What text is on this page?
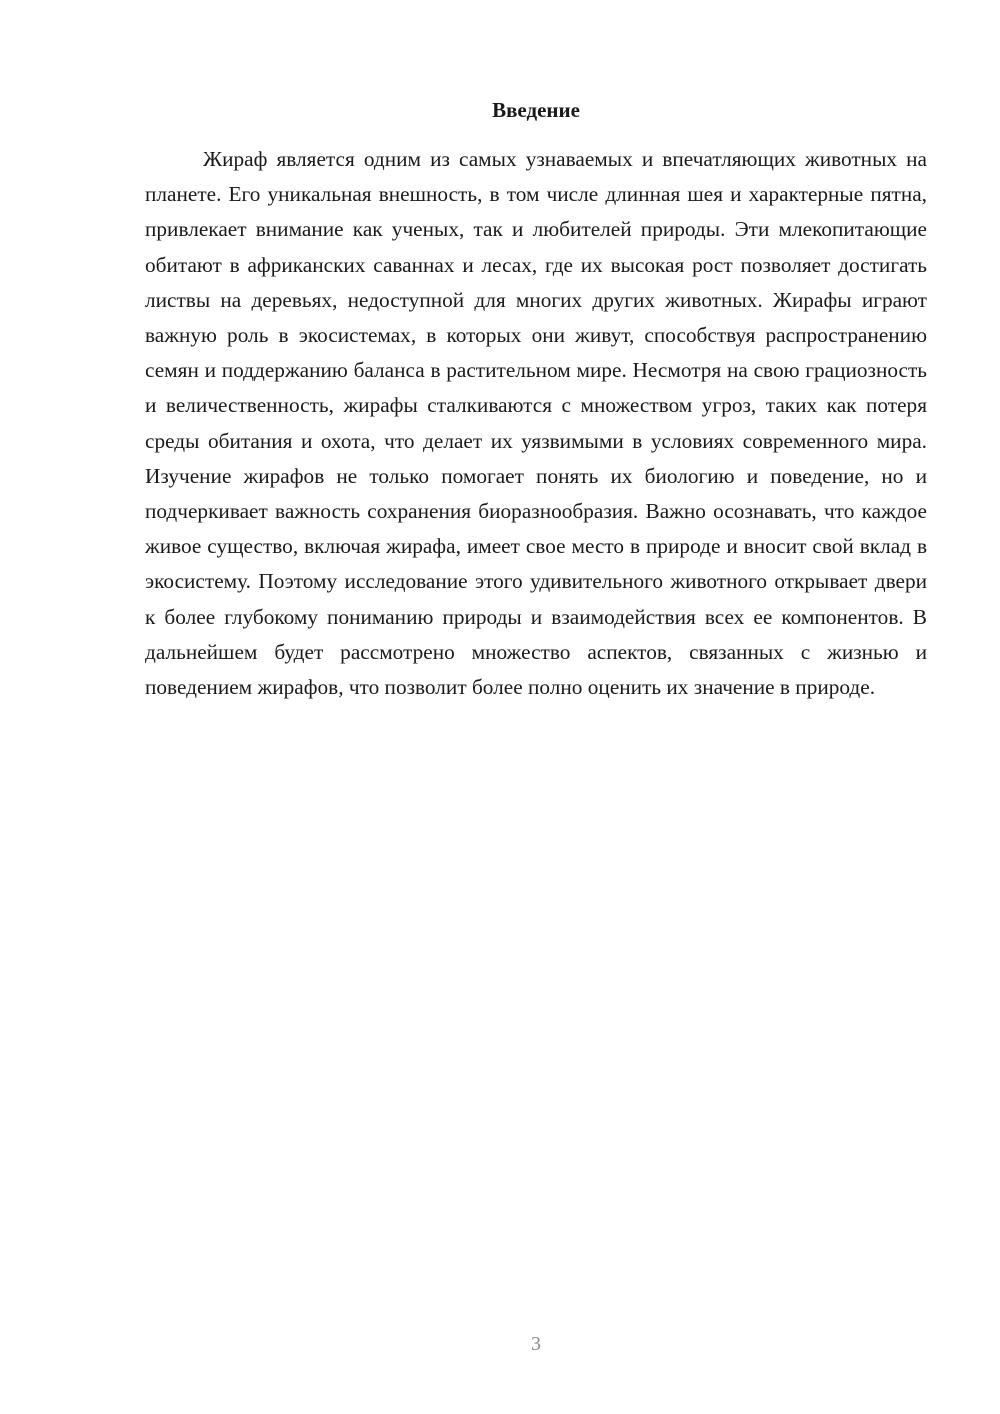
Введение

Жираф является одним из самых узнаваемых и впечатляющих животных на планете. Его уникальная внешность, в том числе длинная шея и характерные пятна, привлекает внимание как ученых, так и любителей природы. Эти млекопитающие обитают в африканских саваннах и лесах, где их высокая рост позволяет достигать листвы на деревьях, недоступной для многих других животных. Жирафы играют важную роль в экосистемах, в которых они живут, способствуя распространению семян и поддержанию баланса в растительном мире. Несмотря на свою грациозность и величественность, жирафы сталкиваются с множеством угроз, таких как потеря среды обитания и охота, что делает их уязвимыми в условиях современного мира. Изучение жирафов не только помогает понять их биологию и поведение, но и подчеркивает важность сохранения биоразнообразия. Важно осознавать, что каждое живое существо, включая жирафа, имеет свое место в природе и вносит свой вклад в экосистему. Поэтому исследование этого удивительного животного открывает двери к более глубокому пониманию природы и взаимодействия всех ее компонентов. В дальнейшем будет рассмотрено множество аспектов, связанных с жизнью и поведением жирафов, что позволит более полно оценить их значение в природе.

3
